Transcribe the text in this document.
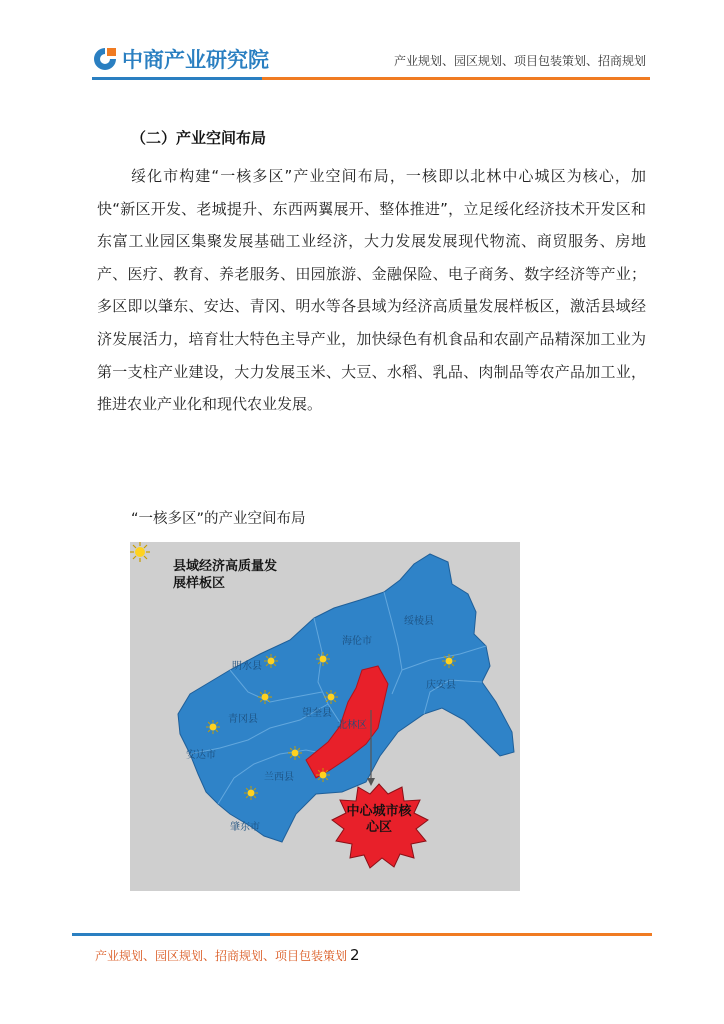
中商产业研究院	产业规划、园区规划、项目包装策划、招商规划
（二）产业空间布局

绥化市构建“一核多区”产业空间布局，一核即以北林中心城区为核心，加快“新区开发、老城提升、东西两翼展开、整体推进”，立足绥化经济技术开发区和东富工业园区集聚发展基础工业经济，大力发展发展现代物流、商贸服务、房地产、医疗、教育、养老服务、田园旅游、金融保险、电子商务、数字经济等产业；多区即以肇东、安达、青冈、明水等各县域为经济高质量发展样板区，激活县域经济发展活力，培育壮大特色主导产业，加快绿色有机食品和农副产品精深加工业为第一支柱产业建设，大力发展玉米、大豆、水稻、乳品、肉制品等农产品加工业，推进农业产业化和现代农业发展。

“一核多区”的产业空间布局
县域经济高质量发展样板区
绥棱县
海伦市
明水县
庆安县
望奎县
北林区
青冈县
安达市
兰西县
肇东市
中心城市核心区
产业规划、园区规划、招商规划、项目包装策划 2
